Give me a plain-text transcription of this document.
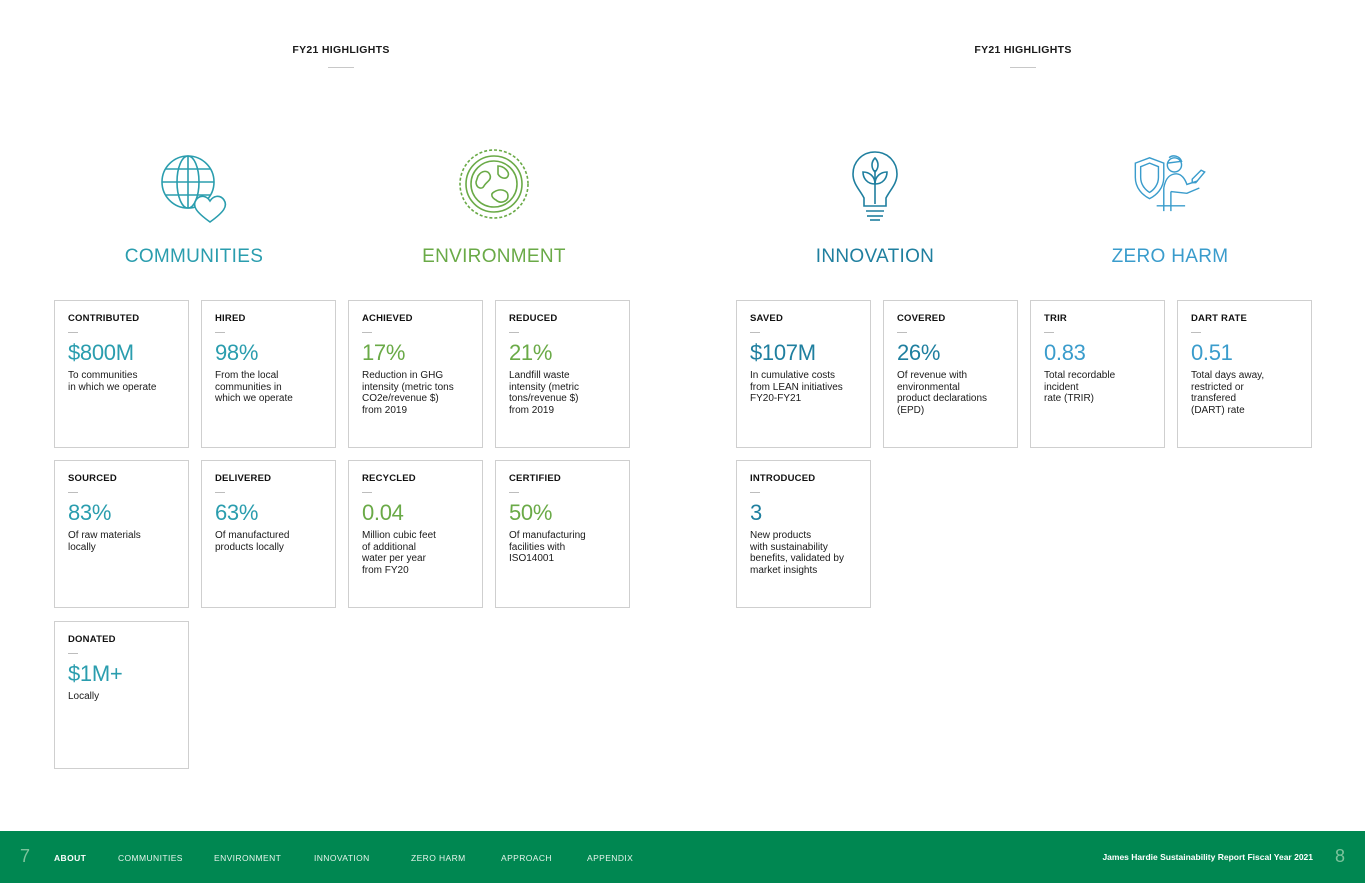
FY21 HIGHLIGHTS	FY21 HIGHLIGHTS
COMMUNITIES	ENVIRONMENT	INNOVATION	ZERO HARM
CONTRIBUTED
$800M
To communities
in which we operate
HIRED
98%
From the local
communities in
which we operate
SOURCED
83%
Of raw materials
locally
DELIVERED
63%
Of manufactured
products locally
DONATED
$1M+
Locally
ACHIEVED
17%
Reduction in GHG
intensity (metric tons
CO2e/revenue $)
from 2019
REDUCED
21%
Landfill waste
intensity (metric
tons/revenue $)
from 2019
RECYCLED
0.04
Million cubic feet
of additional
water per year
from FY20
CERTIFIED
50%
Of manufacturing
facilities with
ISO14001
SAVED
$107M
In cumulative costs
from LEAN initiatives
FY20-FY21
COVERED
26%
Of revenue with
environmental
product declarations
(EPD)
INTRODUCED
3
New products
with sustainability
benefits, validated by
market insights
TRIR
0.83
Total recordable
incident
rate (TRIR)
DART RATE
0.51
Total days away,
restricted or
transfered
(DART) rate
7	ABOUT	COMMUNITIES	ENVIRONMENT	INNOVATION	ZERO HARM	APPROACH	APPENDIX	James Hardie Sustainability Report Fiscal Year 2021 8
